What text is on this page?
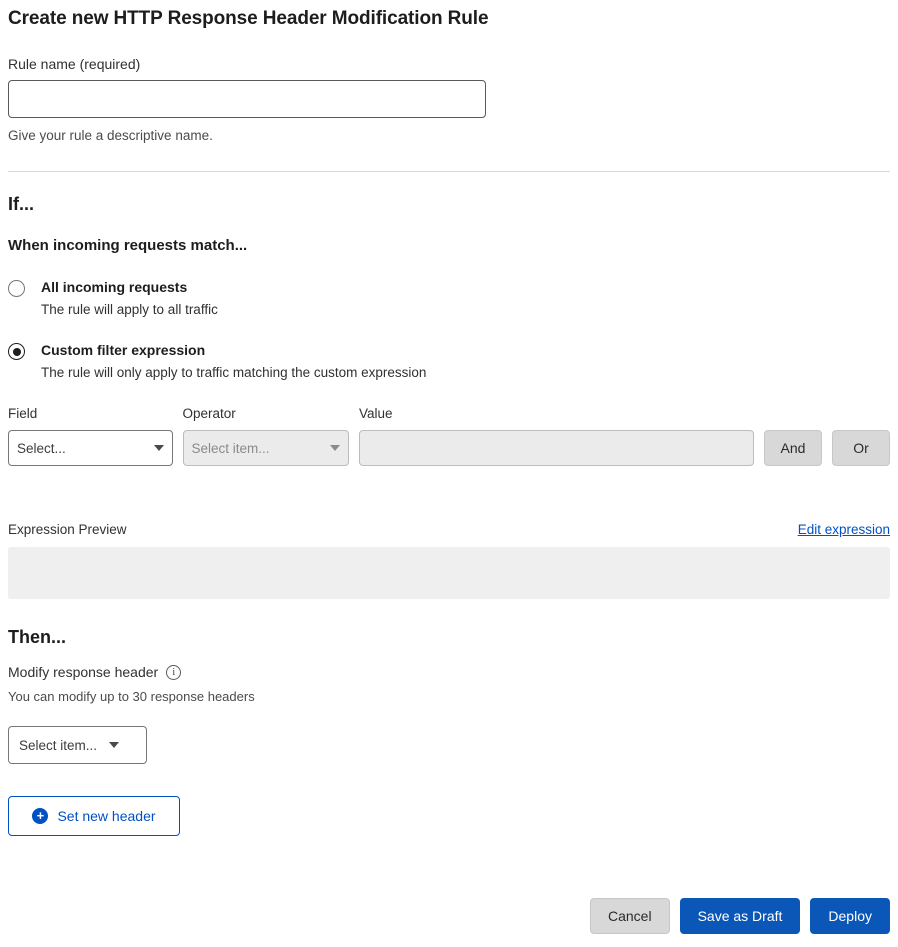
Create new HTTP Response Header Modification Rule
Rule name (required)
Give your rule a descriptive name.
If...
When incoming requests match...
All incoming requests
The rule will apply to all traffic
Custom filter expression
The rule will only apply to traffic matching the custom expression
Field
Select...
Operator
Select item...
Value
And	Or
Expression Preview	Edit expression
Then...
Modify response header	i
You can modify up to 30 response headers
Select item...
+ Set new header
Cancel	Save as Draft	Deploy
